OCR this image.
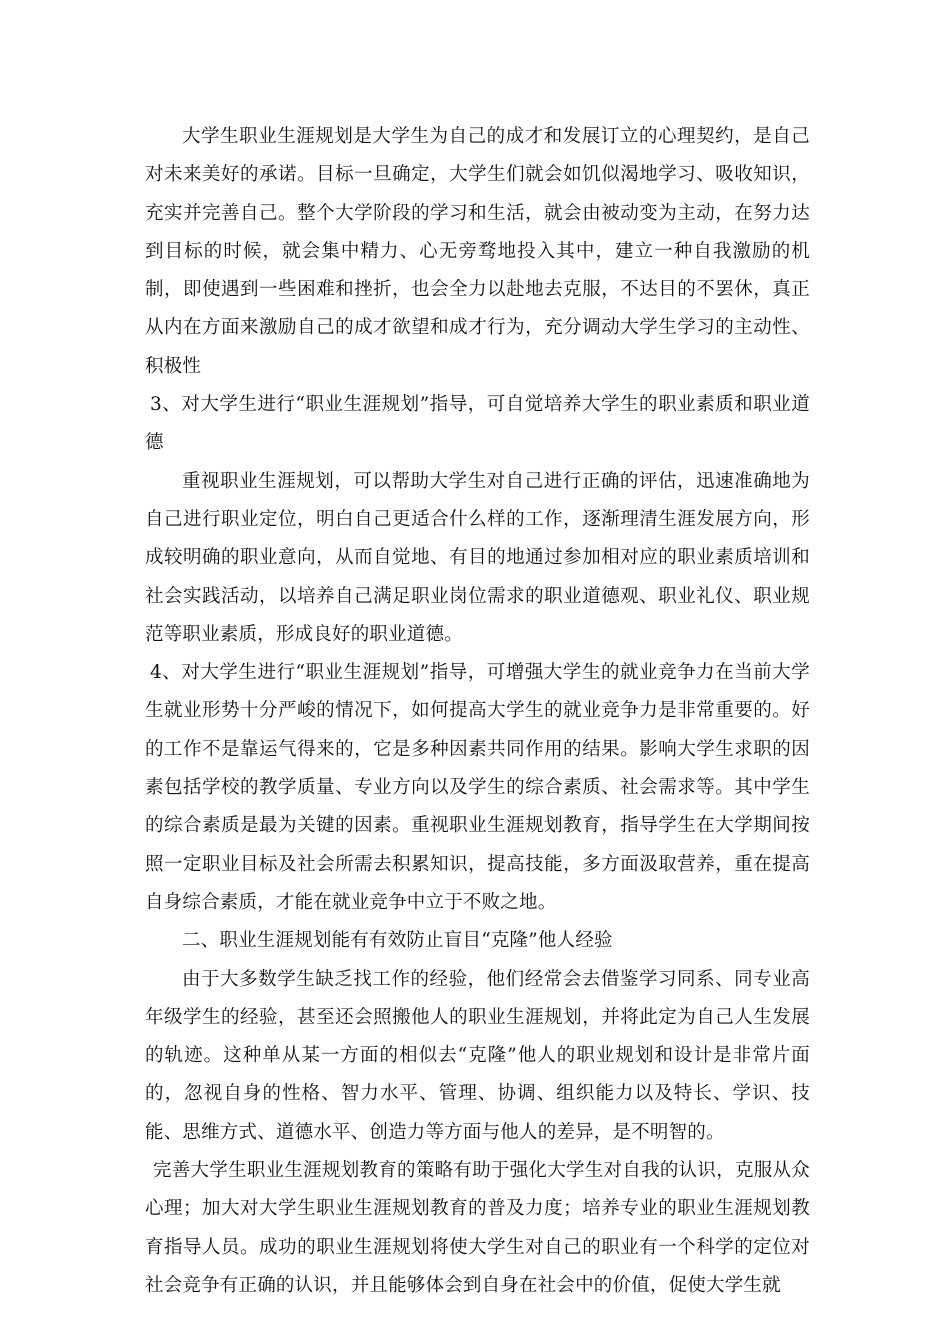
大学生职业生涯规划是大学生为自己的成才和发展订立的心理契约，是自己对未来美好的承诺。目标一旦确定，大学生们就会如饥似渴地学习、吸收知识，充实并完善自己。整个大学阶段的学习和生活，就会由被动变为主动，在努力达到目标的时候，就会集中精力、心无旁骛地投入其中，建立一种自我激励的机制，即使遇到一些困难和挫折，也会全力以赴地去克服，不达目的不罢休，真正从内在方面来激励自己的成才欲望和成才行为，充分调动大学生学习的主动性、积极性

3、对大学生进行“职业生涯规划”指导，可自觉培养大学生的职业素质和职业道德

重视职业生涯规划，可以帮助大学生对自己进行正确的评估，迅速准确地为自己进行职业定位，明白自己更适合什么样的工作，逐渐理清生涯发展方向，形成较明确的职业意向，从而自觉地、有目的地通过参加相对应的职业素质培训和社会实践活动，以培养自己满足职业岗位需求的职业道德观、职业礼仪、职业规范等职业素质，形成良好的职业道德。

4、对大学生进行“职业生涯规划”指导，可增强大学生的就业竞争力在当前大学生就业形势十分严峻的情况下，如何提高大学生的就业竞争力是非常重要的。好的工作不是靠运气得来的，它是多种因素共同作用的结果。影响大学生求职的因素包括学校的教学质量、专业方向以及学生的综合素质、社会需求等。其中学生的综合素质是最为关键的因素。重视职业生涯规划教育，指导学生在大学期间按照一定职业目标及社会所需去积累知识，提高技能，多方面汲取营养，重在提高自身综合素质，才能在就业竞争中立于不败之地。

二、职业生涯规划能有有效防止盲目“克隆”他人经验

由于大多数学生缺乏找工作的经验，他们经常会去借鉴学习同系、同专业高年级学生的经验，甚至还会照搬他人的职业生涯规划，并将此定为自己人生发展的轨迹。这种单从某一方面的相似去“克隆”他人的职业规划和设计是非常片面的，忽视自身的性格、智力水平、管理、协调、组织能力以及特长、学识、技能、思维方式、道德水平、创造力等方面与他人的差异，是不明智的。

完善大学生职业生涯规划教育的策略有助于强化大学生对自我的认识，克服从众心理；加大对大学生职业生涯规划教育的普及力度；培养专业的职业生涯规划教育指导人员。成功的职业生涯规划将使大学生对自己的职业有一个科学的定位对社会竞争有正确的认识，并且能够体会到自身在社会中的价值，促使大学生就
